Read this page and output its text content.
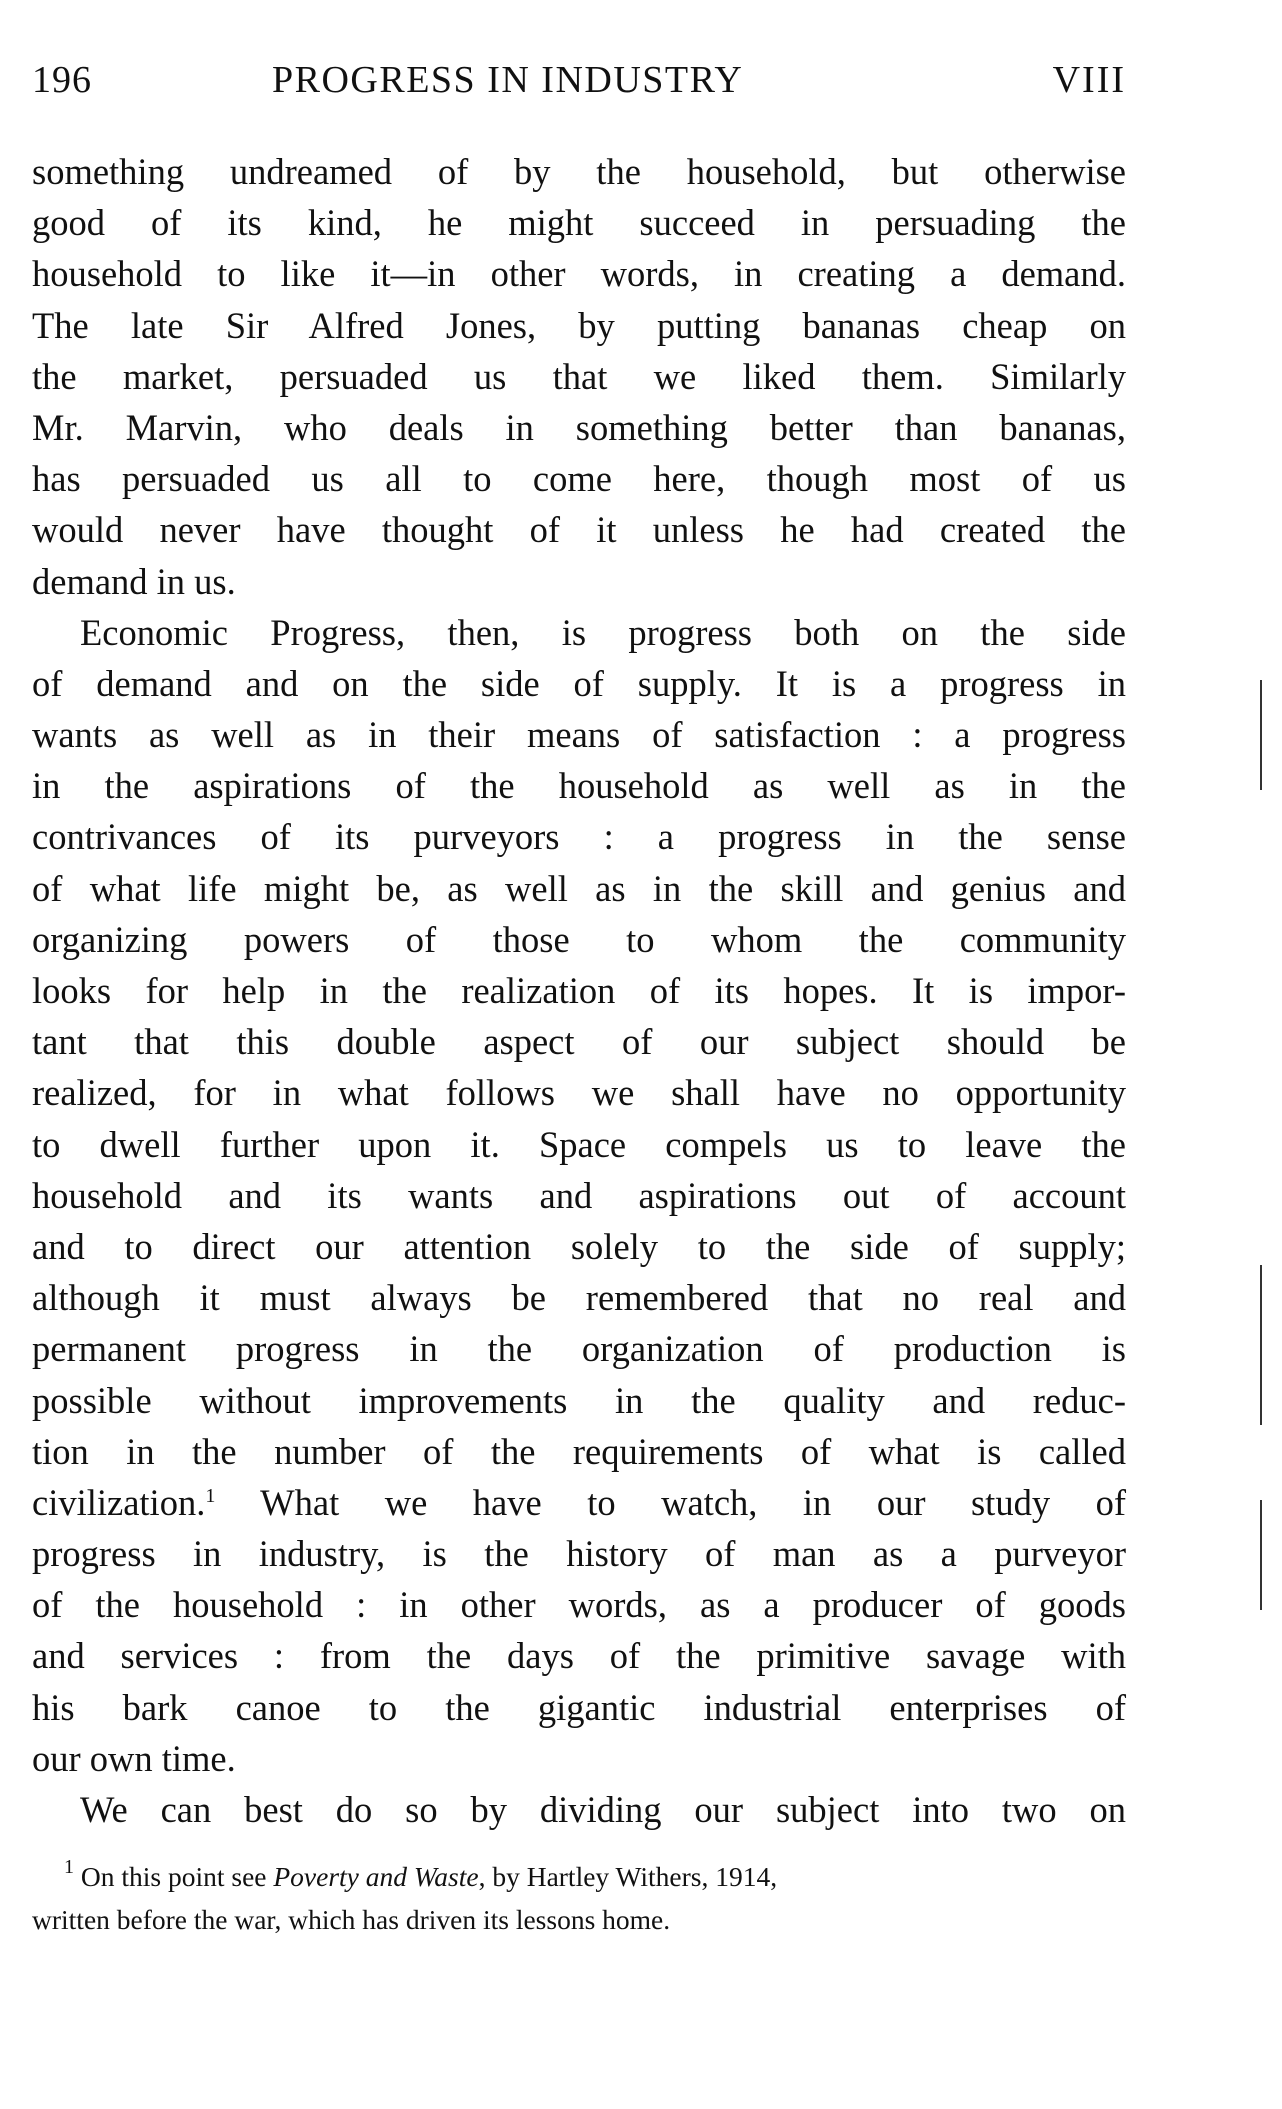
196	PROGRESS IN INDUSTRY	VIII
something undreamed of by the household, but otherwise
good of its kind, he might succeed in persuading the
household to like it—in other words, in creating a demand.
The late Sir Alfred Jones, by putting bananas cheap on
the market, persuaded us that we liked them. Similarly
Mr. Marvin, who deals in something better than bananas,
has persuaded us all to come here, though most of us
would never have thought of it unless he had created the
demand in us.
Economic Progress, then, is progress both on the side
of demand and on the side of supply. It is a progress in
wants as well as in their means of satisfaction : a progress
in the aspirations of the household as well as in the
contrivances of its purveyors : a progress in the sense
of what life might be, as well as in the skill and genius and
organizing powers of those to whom the community
looks for help in the realization of its hopes. It is impor-
tant that this double aspect of our subject should be
realized, for in what follows we shall have no opportunity
to dwell further upon it. Space compels us to leave the
household and its wants and aspirations out of account
and to direct our attention solely to the side of supply;
although it must always be remembered that no real and
permanent progress in the organization of production is
possible without improvements in the quality and reduc-
tion in the number of the requirements of what is called
civilization.$^1$ What we have to watch, in our study of
progress in industry, is the history of man as a purveyor
of the household : in other words, as a producer of goods
and services : from the days of the primitive savage with
his bark canoe to the gigantic industrial enterprises of
our own time.
We can best do so by dividing our subject into two on
$^1$ On this point see Poverty and Waste, by Hartley Withers, 1914,
written before the war, which has driven its lessons home.
